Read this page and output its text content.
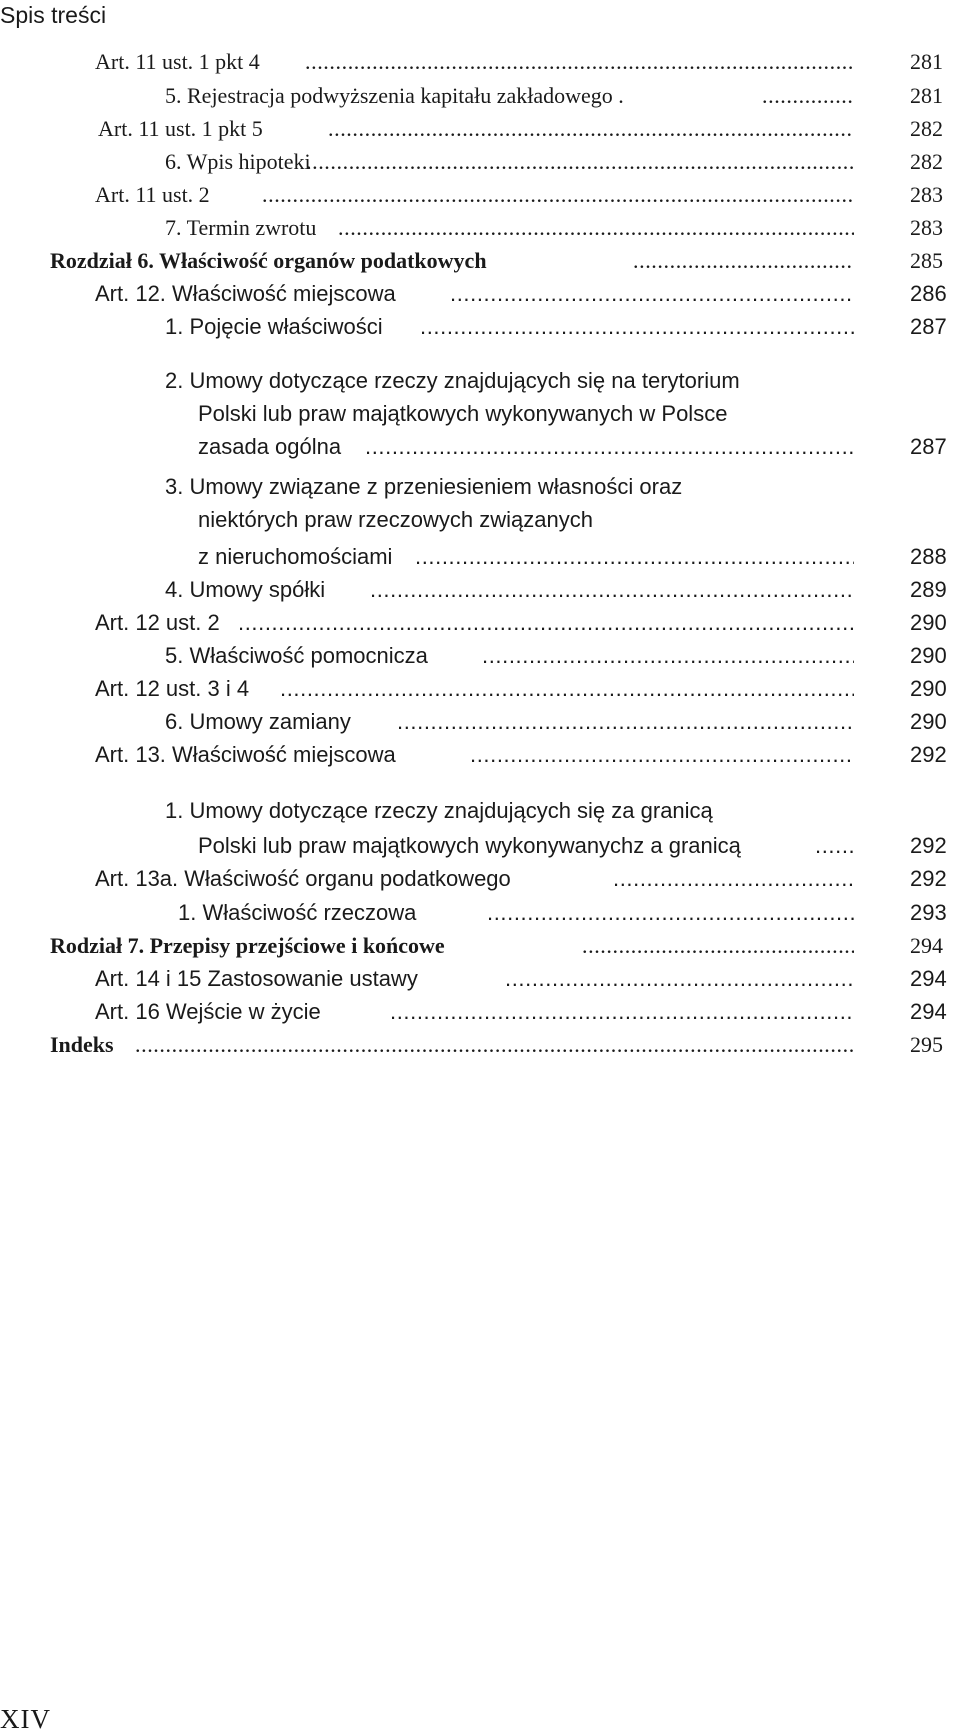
Spis treści
Art. 11 ust. 1 pkt 4 .....	281
5. Rejestracja podwyższenia kapitału zakładowego . .....	281
Art. 11 ust. 1 pkt 5 .....	282
6. Wpis hipoteki .....	282
Art. 11 ust. 2 .....	283
7. Termin zwrotu .....	283
Rozdział 6. Właściwość organów podatkowych .....	285
Art. 12. Właściwość miejscowa .....	286
1. Pojęcie właściwości .....	287
2. Umowy dotyczące rzeczy znajdujących się na terytorium
Polski lub praw majątkowych wykonywanych w Polsce
zasada ogólna .....	287
3. Umowy związane z przeniesieniem własności oraz
niektórych praw rzeczowych związanych
z nieruchomościami .....	288
4. Umowy spółki .....	289
Art. 12 ust. 2 .....	290
5. Właściwość pomocnicza .....	290
Art. 12 ust. 3 i 4 .....	290
6. Umowy zamiany .....	290
Art. 13. Właściwość miejscowa .....	292
1. Umowy dotyczące rzeczy znajdujących się za granicą
Polski lub praw majątkowych wykonywanychz a granicą .....	292
Art. 13a. Właściwość organu podatkowego .....	292
1. Właściwość rzeczowa .....	293
Rodział 7. Przepisy przejściowe i końcowe .....	294
Art. 14 i 15 Zastosowanie ustawy .....	294
Art. 16 Wejście w życie .....	294
Indeks .....	295
XIV
